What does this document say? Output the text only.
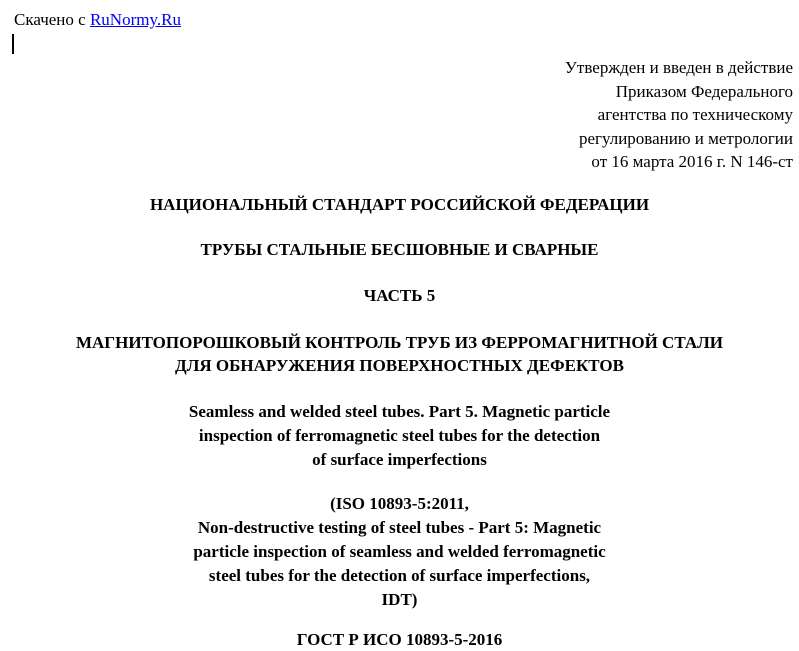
Скачено с RuNormy.Ru
Утвержден и введен в действие
Приказом Федерального
агентства по техническому
регулированию и метрологии
от 16 марта 2016 г. N 146-ст
НАЦИОНАЛЬНЫЙ СТАНДАРТ РОССИЙСКОЙ ФЕДЕРАЦИИ
ТРУБЫ СТАЛЬНЫЕ БЕСШОВНЫЕ И СВАРНЫЕ
ЧАСТЬ 5
МАГНИТОПОРОШКОВЫЙ КОНТРОЛЬ ТРУБ ИЗ ФЕРРОМАГНИТНОЙ СТАЛИ
ДЛЯ ОБНАРУЖЕНИЯ ПОВЕРХНОСТНЫХ ДЕФЕКТОВ
Seamless and welded steel tubes. Part 5. Magnetic particle
inspection of ferromagnetic steel tubes for the detection
of surface imperfections
(ISO 10893-5:2011,
Non-destructive testing of steel tubes - Part 5: Magnetic
particle inspection of seamless and welded ferromagnetic
steel tubes for the detection of surface imperfections,
IDT)
ГОСТ Р ИСО 10893-5-2016
